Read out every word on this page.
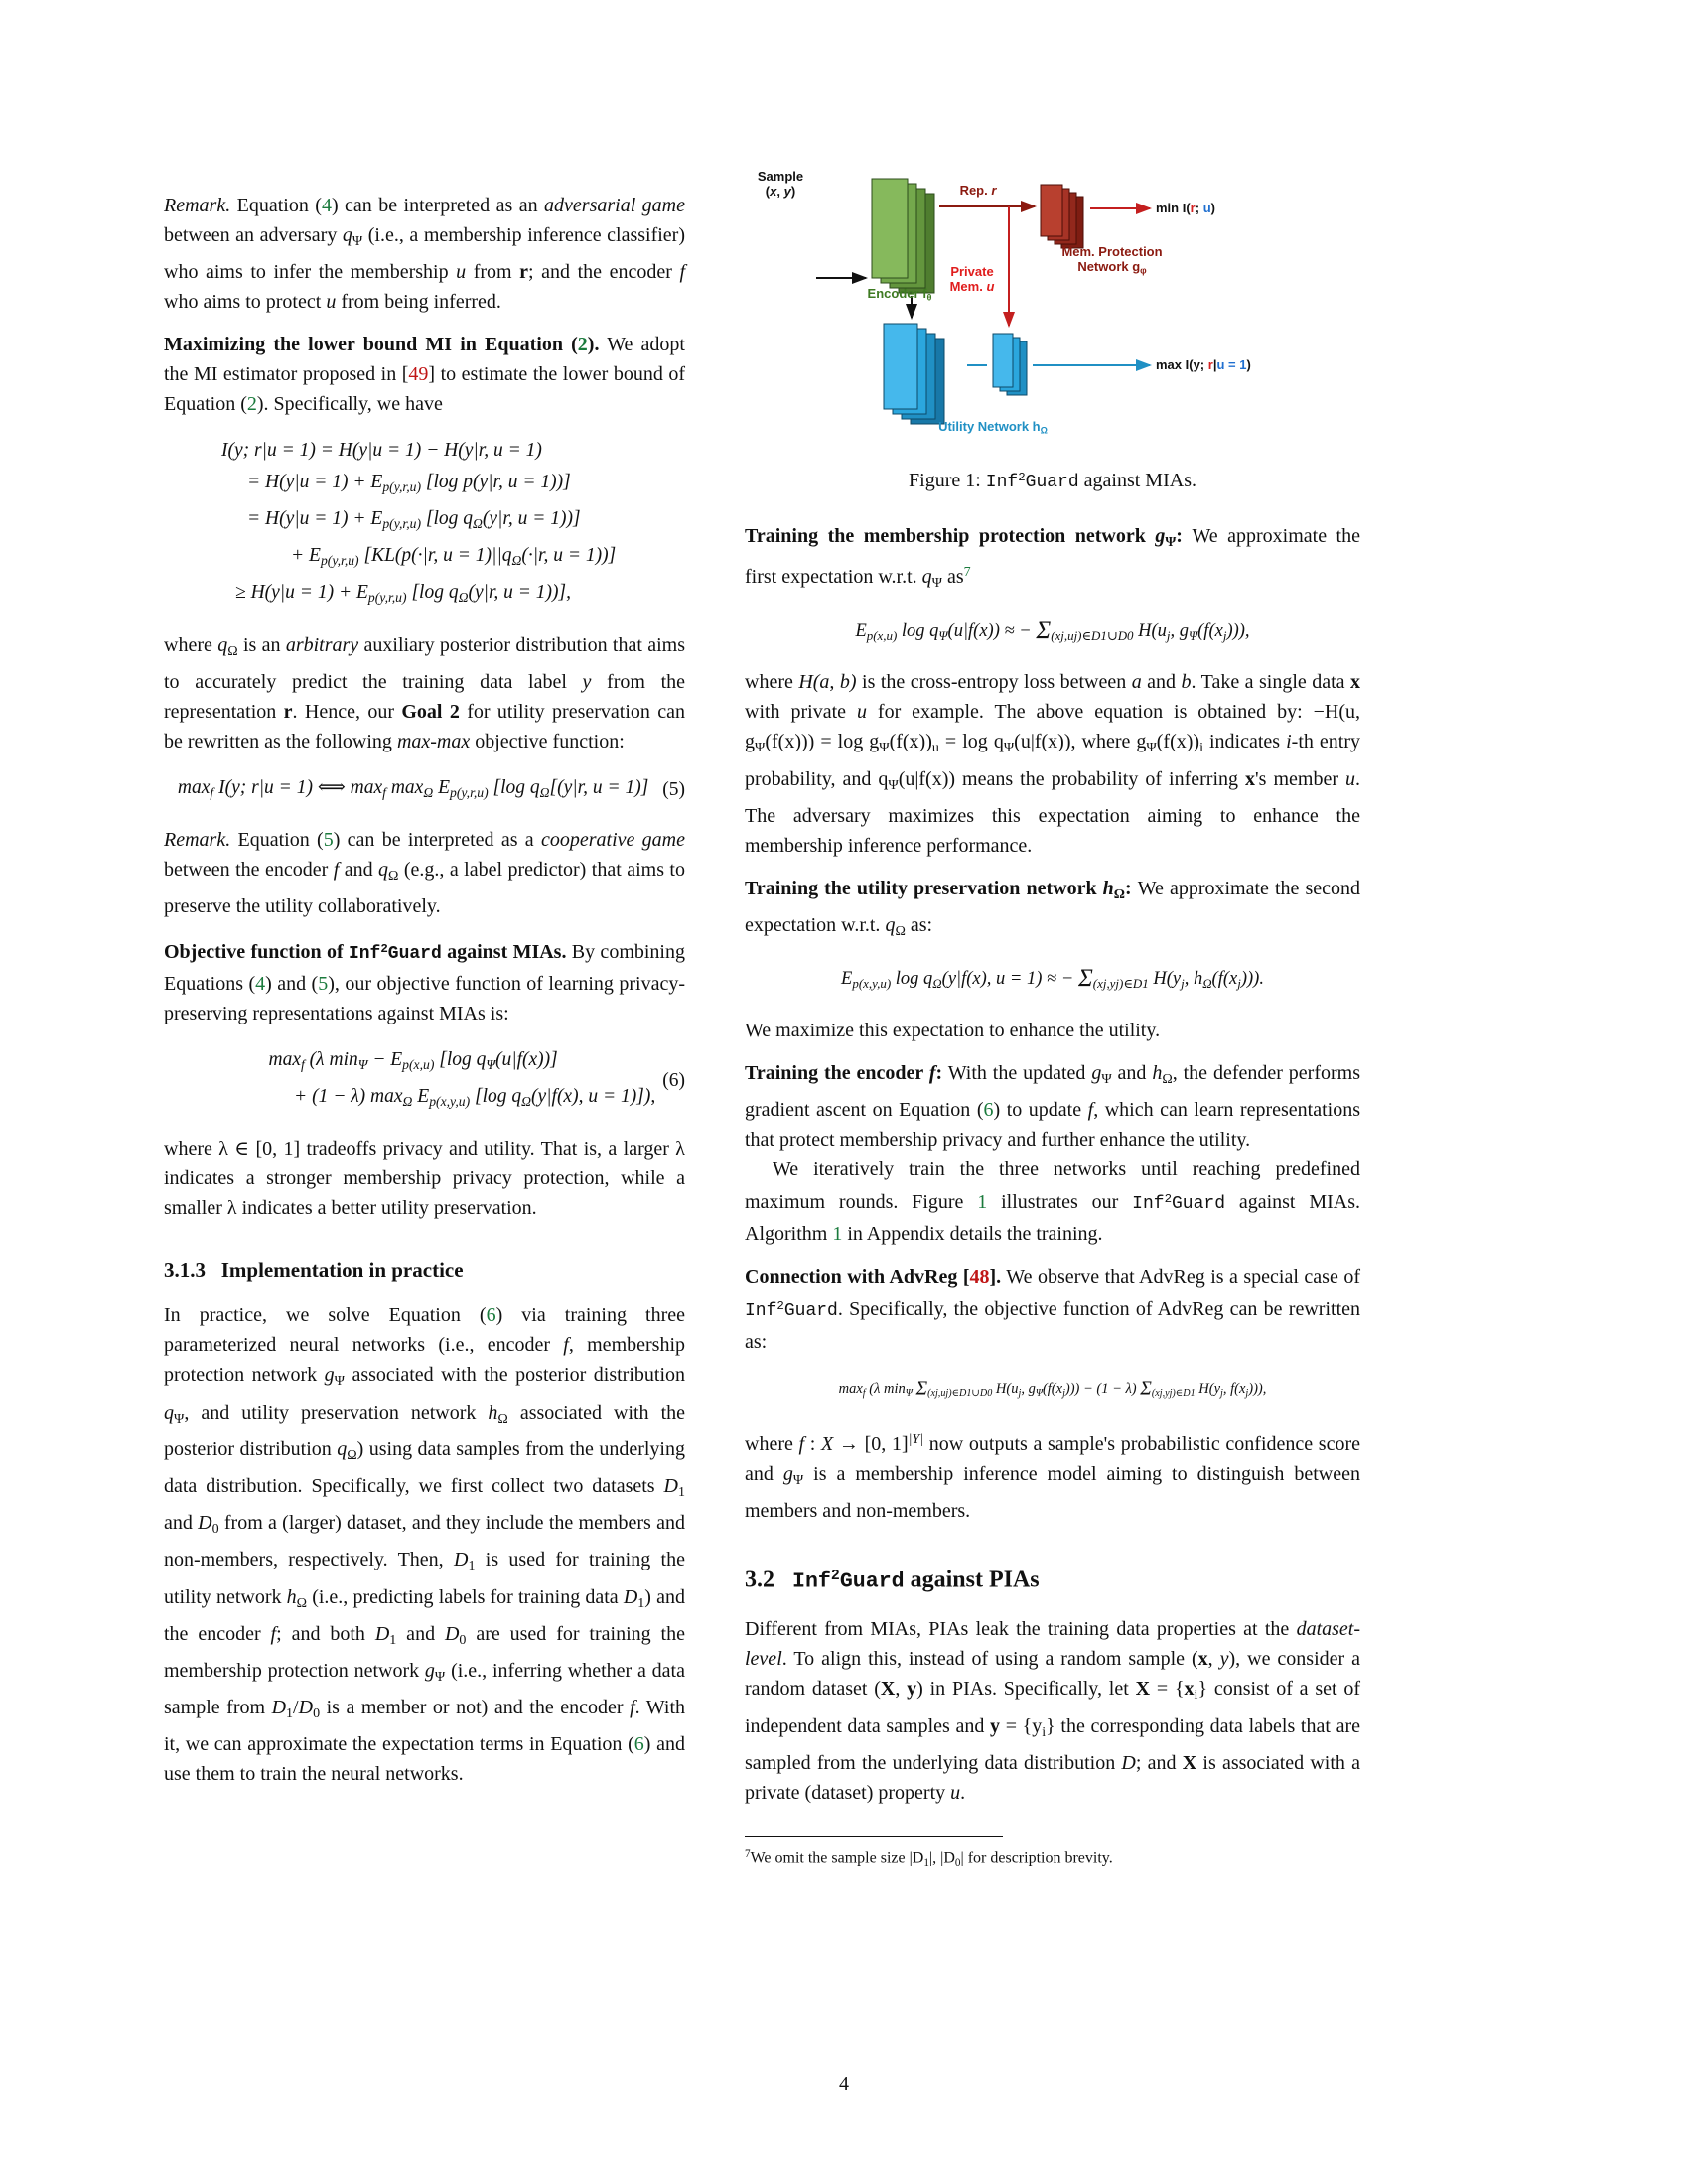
Remark. Equation (4) can be interpreted as an adversarial game between an adversary $q_\Psi$ (i.e., a membership inference classifier) who aims to infer the membership u from r; and the encoder f who aims to protect u from being inferred.

Maximizing the lower bound MI in Equation (2). We adopt the MI estimator proposed in [49] to estimate the lower bound of Equation (2). Specifically, we have

I(y; r|u = 1) = H(y|u = 1) − H(y|r, u = 1)
= $H(y|u = 1) + E_{p(y,r,u)}$ [log p(y|r, u = 1))]
= $H(y|u = 1) + E_{p(y,r,u)}$ [log $q_\Omega(y|r$, u = 1))]
+ $E_{p(y,r,u)}$ [KL(p(·|r, $u = 1)||q_\Omega(\cdot|r$, u = 1))]
≥ $H(y|u = 1) + E_{p(y,r,u)}$ [log $q_\Omega(y|r$, u = 1))],

where $q_\Omega$ is an arbitrary auxiliary posterior distribution that aims to accurately predict the training data label y from the representation r. Hence, our Goal 2 for utility preservation can be rewritten as the following max-max objective function:

$\max_f I(y$; r|u = 1) ⟺ $\max_f \max_\Omega E_{p(y,r,u)}$ [log $q_\Omega[(y|r$, u = 1)] (5)

Remark. Equation (5) can be interpreted as a cooperative game between the encoder f and $q_\Omega$ (e.g., a label predictor) that aims to preserve the utility collaboratively.

Objective function of Inf$^2$Guard against MIAs. By combining Equations (4) and (5), our objective function of learning privacy-preserving representations against MIAs is:

$\max_f (\lambda$ $\min_\Psi - E_{p(x,u)}$ [log $q_\Psi(u|f(x))$]
+ (1 − λ) $\max_\Omega E_{p(x,y,u)}$ [log $q_\Omega(y|f(x)$, u = 1)]),
(6)

where λ ∈ [0, 1] tradeoffs privacy and utility. That is, a larger λ indicates a stronger membership privacy protection, while a smaller λ indicates a better utility preservation.

3.1.3 Implementation in practice

In practice, we solve Equation (6) via training three parameterized neural networks (i.e., encoder f, membership protection network $g_\Psi$ associated with the posterior distribution $q_\Psi$, and utility preservation network $h_\Omega$ associated with the posterior distribution $q_\Omega$) using data samples from the underlying data distribution. Specifically, we first collect two datasets $D_1$ and $D_0$ from a (larger) dataset, and they include the members and non-members, respectively. Then, $D_1$ is used for training the utility network $h_\Omega$ (i.e., predicting labels for training data $D_1$) and the encoder f; and both $D_1$ and $D_0$ are used for training the membership protection network $g_\Psi$ (i.e., inferring whether a data sample from $D_1/D_0$ is a member or not) and the encoder f. With it, we can approximate the expectation terms in Equation (6) and use them to train the neural networks.

Sample
(x, y)
Encoder $f_\theta$
Rep. r
Mem. Protection
Network $g_\varphi$
Private
Mem. u
min I(r; u)
max I(y; r|u = 1)
Utility Network $h_\Omega$
Figure 1: Inf$^2$Guard against MIAs.

Training the membership protection network $g_\Psi$: We approximate the first expectation w.r.t. $q_\Psi$ $as^7$

$E_{p(x,u)}$ $\log q_\Psi(u|f(x))$ ≈ − $\Sigma_{(xj,uj)\in D1\cup D0}$ $H(u_j$, $g_\Psi(f(x_j))$),

where H(a, b) is the cross-entropy loss between a and b. Take a single data x with private u for example. The above equation is obtained by: −H(u, $g_\Psi(f(x))) = \log g_\Psi(f(x))_u = \log q_\Psi(u|f(x))$, where $g_\Psi(f(x))_i$ indicates i-th entry probability, and $q_\Psi(u|f(x))$ means the probability of inferring x's member u. The adversary maximizes this expectation aiming to enhance the membership inference performance.

Training the utility preservation network $h_\Omega$: We approximate the second expectation w.r.t. $q_\Omega$ as:

$E_{p(x,y,u)}$ $\log q_\Omega(y|f(x)$, u = 1) ≈ − $\Sigma_{(xj,yj)\in D1}$ $H(y_j$, $h_\Omega(f(x_j))$).

We maximize this expectation to enhance the utility.

Training the encoder f: With the updated $g_\Psi$ and $h_\Omega$, the defender performs gradient ascent on Equation (6) to update f, which can learn representations that protect membership privacy and further enhance the utility.

We iteratively train the three networks until reaching predefined maximum rounds. Figure 1 illustrates our Inf$^2$Guard against MIAs. Algorithm 1 in Appendix details the training.

Connection with AdvReg [48]. We observe that AdvReg is a special case of Inf$^2$Guard. Specifically, the objective function of AdvReg can be rewritten as:

$\max_f (\lambda$ $\min_\Psi \Sigma_{(xj,uj)\in D1\cup D0}$ $H(u_j$, $g_\Psi(f(x_j))) - (1 - \lambda)$ $\Sigma_{(xj,yj)\in D1}$ $H(y_j$, $f(x_j)$)),

where f : X → [0, 1]$^{|Y|}$ now outputs a sample's probabilistic confidence score and $g_\Psi$ is a membership inference model aiming to distinguish between members and non-members.

3.2 Inf$^2$Guard against PIAs

Different from MIAs, PIAs leak the training data properties at the dataset-level. To align this, instead of using a random sample (x, y), we consider a random dataset (X, y) in PIAs. Specifically, let $X = \{x_i\}$ consist of a set of independent data samples and $y = \{y_i\}$ the corresponding data labels that are sampled from the underlying data distribution D; and X is associated with a private (dataset) property u.

$^7$We omit the sample size $|D_1|$, $|D_0|$ for description brevity.

4
